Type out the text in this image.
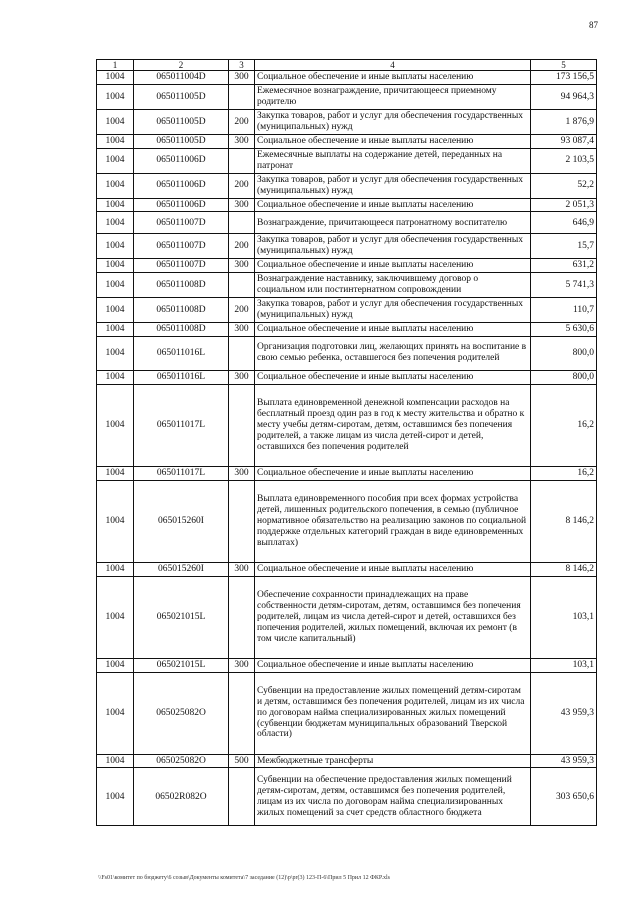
87
1	2	3	4	5
1004	065011004D	300	Социальное обеспечение и иные выплаты населению	173 156,5
1004	065011005D		Ежемесячное вознаграждение, причитающееся приемному родителю	94 964,3
1004	065011005D	200	Закупка товаров, работ и услуг для обеспечения государственных (муниципальных) нужд	1 876,9
1004	065011005D	300	Социальное обеспечение и иные выплаты населению	93 087,4
1004	065011006D		Ежемесячные выплаты на содержание детей, переданных на патронат	2 103,5
1004	065011006D	200	Закупка товаров, работ и услуг для обеспечения государственных (муниципальных) нужд	52,2
1004	065011006D	300	Социальное обеспечение и иные выплаты населению	2 051,3
1004	065011007D		Вознаграждение, причитающееся патронатному воспитателю	646,9
1004	065011007D	200	Закупка товаров, работ и услуг для обеспечения государственных (муниципальных) нужд	15,7
1004	065011007D	300	Социальное обеспечение и иные выплаты населению	631,2
1004	065011008D		Вознаграждение наставнику, заключившему договор о социальном или постинтернатном сопровождении	5 741,3
1004	065011008D	200	Закупка товаров, работ и услуг для обеспечения государственных (муниципальных) нужд	110,7
1004	065011008D	300	Социальное обеспечение и иные выплаты населению	5 630,6
1004	065011016L		Организация подготовки лиц, желающих принять на воспитание в свою семью ребенка, оставшегося без попечения родителей	800,0
1004	065011016L	300	Социальное обеспечение и иные выплаты населению	800,0
1004	065011017L		Выплата единовременной денежной компенсации расходов на бесплатный проезд один раз в год к месту жительства и обратно к месту учебы детям-сиротам, детям, оставшимся без попечения родителей, а также лицам из числа детей-сирот и детей, оставшихся без попечения родителей	16,2
1004	065011017L	300	Социальное обеспечение и иные выплаты населению	16,2
1004	065015260I		Выплата единовременного пособия при всех формах устройства детей, лишенных родительского попечения, в семью (публичное нормативное обязательство на реализацию законов по социальной поддержке отдельных категорий граждан в виде единовременных выплатах)	8 146,2
1004	065015260I	300	Социальное обеспечение и иные выплаты населению	8 146,2
1004	065021015L		Обеспечение сохранности принадлежащих на праве собственности детям-сиротам, детям, оставшимся без попечения родителей, лицам из числа детей-сирот и детей, оставшихся без попечения родителей, жилых помещений, включая их ремонт (в том числе капитальный)	103,1
1004	065021015L	300	Социальное обеспечение и иные выплаты населению	103,1
1004	065025082O		Субвенции на предоставление жилых помещений детям-сиротам и детям, оставшимся без попечения родителей, лицам из их числа по договорам найма специализированных жилых помещений (субвенции бюджетам муниципальных образований Тверской области)	43 959,3
1004	065025082O	500	Межбюджетные трансферты	43 959,3
1004	06502R082O		Субвенции на обеспечение предоставления жилых помещений детям-сиротам, детям, оставшимся без попечения родителей, лицам из их числа по договорам найма специализированных жилых помещений за счет средств областного бюджета	303 650,6
\\Fs01\комитет по бюджету\6 созыв\Документы комитета\7 заседание (12)\p\pr(3) 123-П-6\Прил 5 Прил 12 ФКР.xls
